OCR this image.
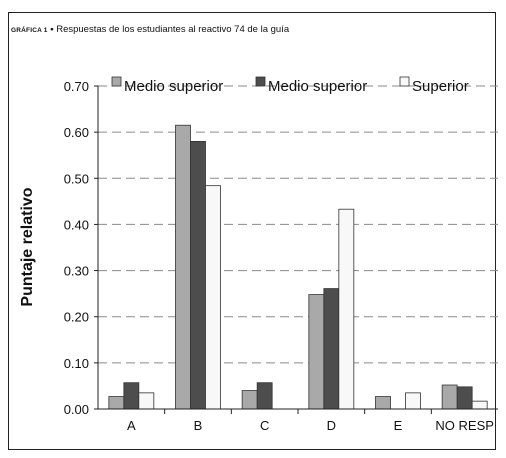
GRÁFICA 1 • Respuestas de los estudiantes al reactivo 74 de la guía
0.00
0.10
0.20
0.30
0.40
0.50
0.60
0.70
A	B	C	D	E	NO RESP
Puntaje relativo
Medio superior	Medio superior	Superior
